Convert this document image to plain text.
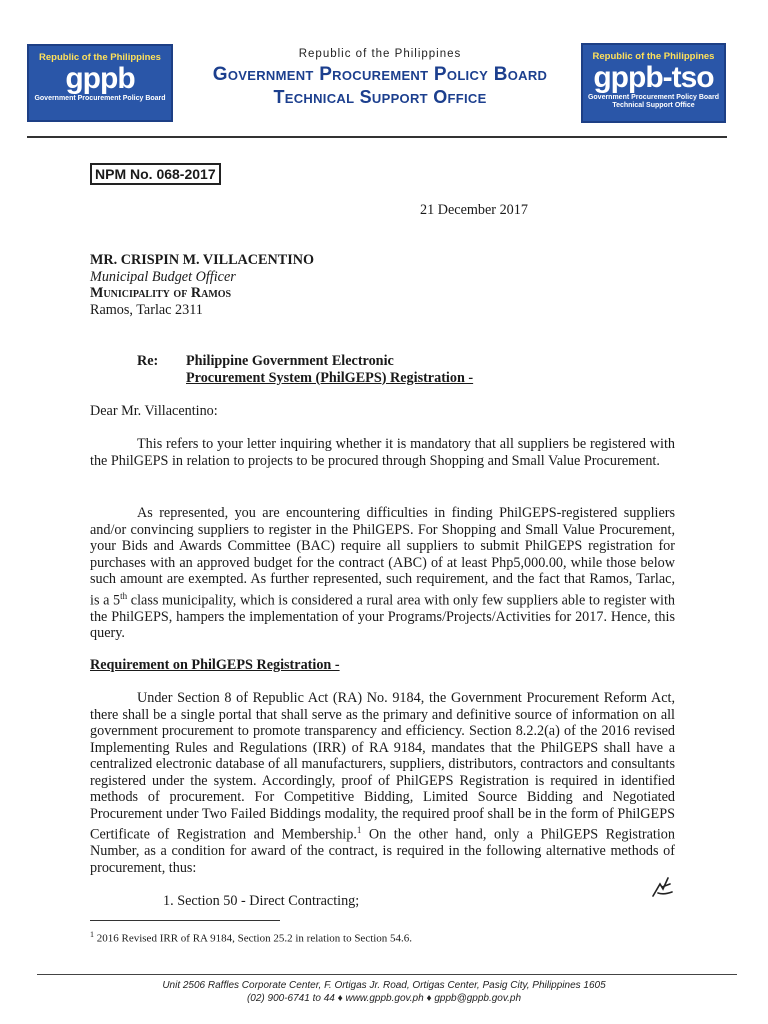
Republic of the Philippines
gppb
Government Procurement Policy Board
Republic of the Philippines
Government Procurement Policy Board
Technical Support Office
Republic of the Philippines
gppb-tso
Government Procurement Policy Board Technical Support Office
NPM No. 068-2017
21 December 2017
MR. CRISPIN M. VILLACENTINO
Municipal Budget Officer
Municipality of Ramos
Ramos, Tarlac 2311
Re: Philippine Government Electronic
Procurement System (PhilGEPS) Registration -
Dear Mr. Villacentino:
This refers to your letter inquiring whether it is mandatory that all suppliers be registered with the PhilGEPS in relation to projects to be procured through Shopping and Small Value Procurement.
As represented, you are encountering difficulties in finding PhilGEPS-registered suppliers and/or convincing suppliers to register in the PhilGEPS. For Shopping and Small Value Procurement, your Bids and Awards Committee (BAC) require all suppliers to submit PhilGEPS registration for purchases with an approved budget for the contract (ABC) of at least Php5,000.00, while those below such amount are exempted. As further represented, such requirement, and the fact that Ramos, Tarlac, is a 5th class municipality, which is considered a rural area with only few suppliers able to register with the PhilGEPS, hampers the implementation of your Programs/Projects/Activities for 2017. Hence, this query.
Requirement on PhilGEPS Registration -
Under Section 8 of Republic Act (RA) No. 9184, the Government Procurement Reform Act, there shall be a single portal that shall serve as the primary and definitive source of information on all government procurement to promote transparency and efficiency. Section 8.2.2(a) of the 2016 revised Implementing Rules and Regulations (IRR) of RA 9184, mandates that the PhilGEPS shall have a centralized electronic database of all manufacturers, suppliers, distributors, contractors and consultants registered under the system. Accordingly, proof of PhilGEPS Registration is required in identified methods of procurement. For Competitive Bidding, Limited Source Bidding and Negotiated Procurement under Two Failed Biddings modality, the required proof shall be in the form of PhilGEPS Certificate of Registration and Membership.$^1$ On the other hand, only a PhilGEPS Registration Number, as a condition for award of the contract, is required in the following alternative methods of procurement, thus:
1. Section 50 - Direct Contracting;
$^1$ 2016 Revised IRR of RA 9184, Section 25.2 in relation to Section 54.6.
Unit 2506 Raffles Corporate Center, F. Ortigas Jr. Road, Ortigas Center, Pasig City, Philippines 1605
(02) 900-6741 to 44 ♦ www.gppb.gov.ph ♦ gppb@gppb.gov.ph
